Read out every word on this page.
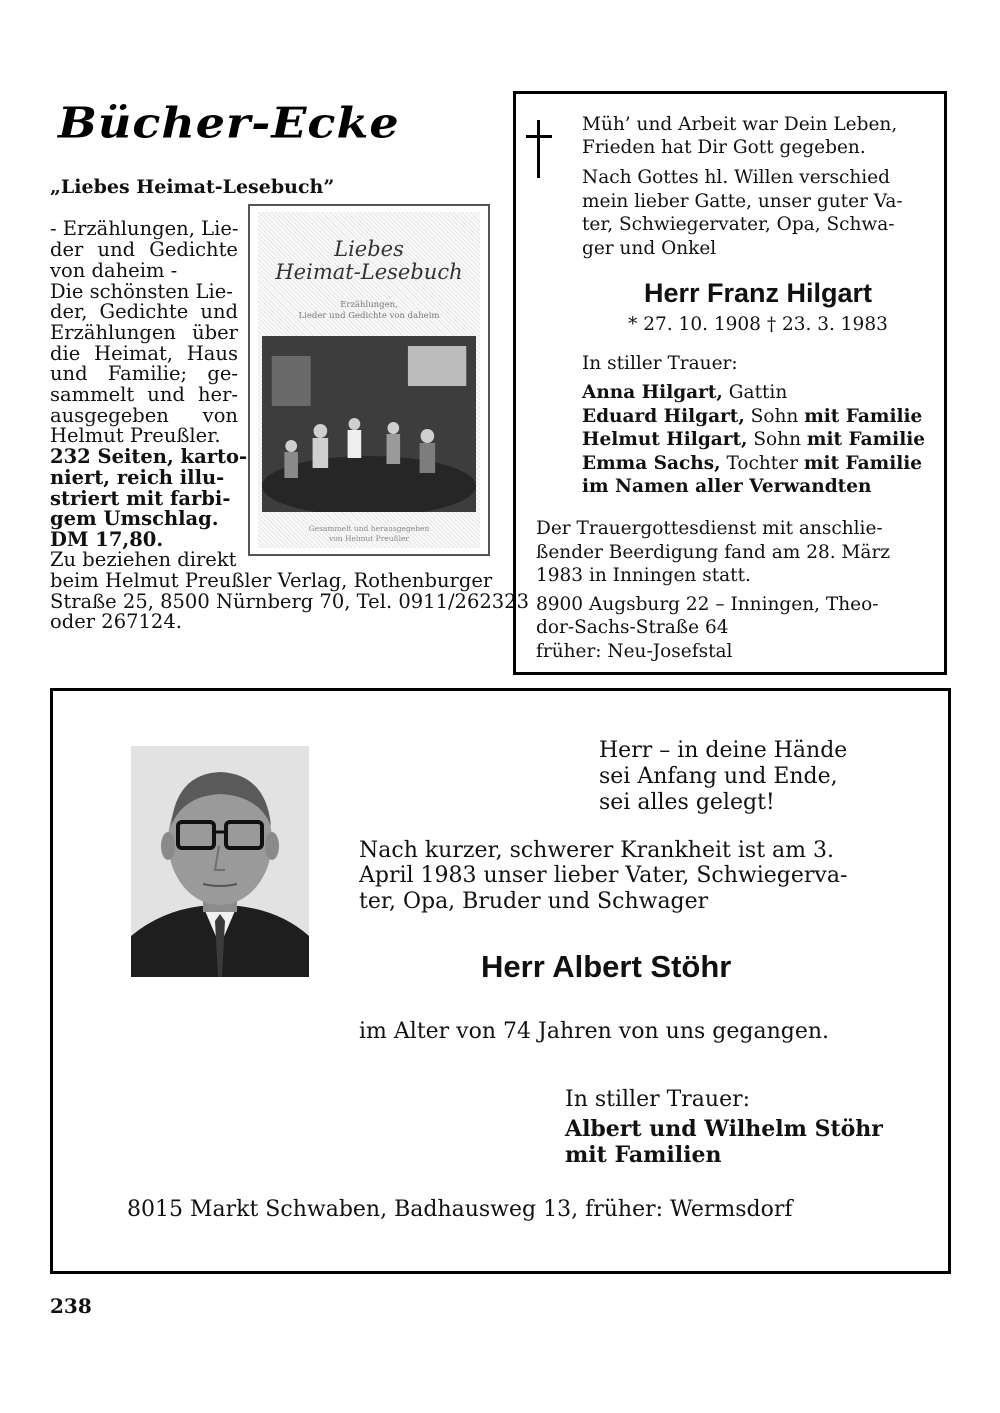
Bücher-Ecke
„Liebes Heimat-Lesebuch”
- Erzählungen, Lie-
der und Gedichte
von daheim -
Die schönsten Lie-
der, Gedichte und
Erzählungen über
die Heimat, Haus
und Familie; ge-
sammelt und her-
ausgegeben von
Helmut Preußler.
232 Seiten, karto-
niert, reich illu-
striert mit farbi-
gem Umschlag.
DM 17,80.
Zu beziehen direkt
beim Helmut Preußler Verlag, Rothenburger
Straße 25, 8500 Nürnberg 70, Tel. 0911/262323
oder 267124.
Liebes
Heimat-Lesebuch
Erzählungen,
Lieder und Gedichte von daheim
Gesammelt und herausgegeben
von Helmut Preußler
Müh’ und Arbeit war Dein Leben,
Frieden hat Dir Gott gegeben.
Nach Gottes hl. Willen verschied
mein lieber Gatte, unser guter Va-
ter, Schwiegervater, Opa, Schwa-
ger und Onkel
Herr Franz Hilgart
* 27. 10. 1908 † 23. 3. 1983
In stiller Trauer:
Anna Hilgart, Gattin
Eduard Hilgart, Sohn mit Familie
Helmut Hilgart, Sohn mit Familie
Emma Sachs, Tochter mit Familie
im Namen aller Verwandten
Der Trauergottesdienst mit anschlie-
ßender Beerdigung fand am 28. März
1983 in Inningen statt.
8900 Augsburg 22 – Inningen, Theo-
dor-Sachs-Straße 64
früher: Neu-Josefstal
Herr – in deine Hände
sei Anfang und Ende,
sei alles gelegt!
Nach kurzer, schwerer Krankheit ist am 3.
April 1983 unser lieber Vater, Schwiegerva-
ter, Opa, Bruder und Schwager
Herr Albert Stöhr
im Alter von 74 Jahren von uns gegangen.
In stiller Trauer:
Albert und Wilhelm Stöhr
mit Familien
8015 Markt Schwaben, Badhausweg 13, früher: Wermsdorf
238
